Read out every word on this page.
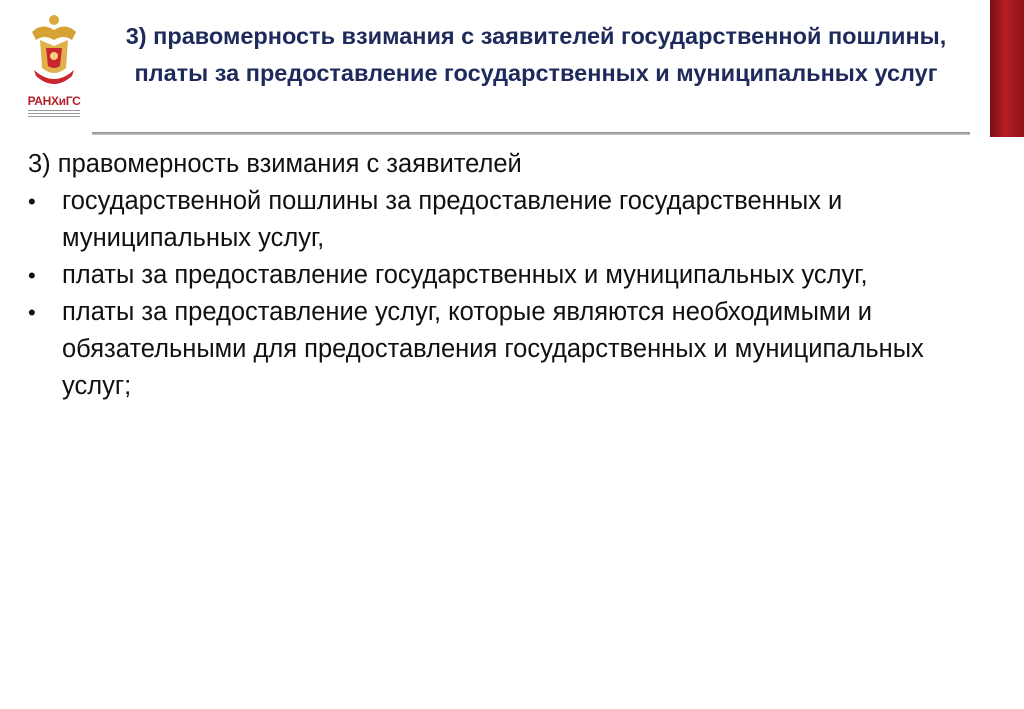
РАНХиГС
3) правомерность взимания с заявителей государственной пошлины, платы за предоставление государственных и муниципальных услуг

3) правомерность взимания с заявителей

• государственной пошлины за предоставление государственных и муниципальных услуг,
• платы за предоставление государственных и муниципальных услуг,
• платы за предоставление услуг, которые являются необходимыми и обязательными для предоставления государственных и муниципальных услуг;
